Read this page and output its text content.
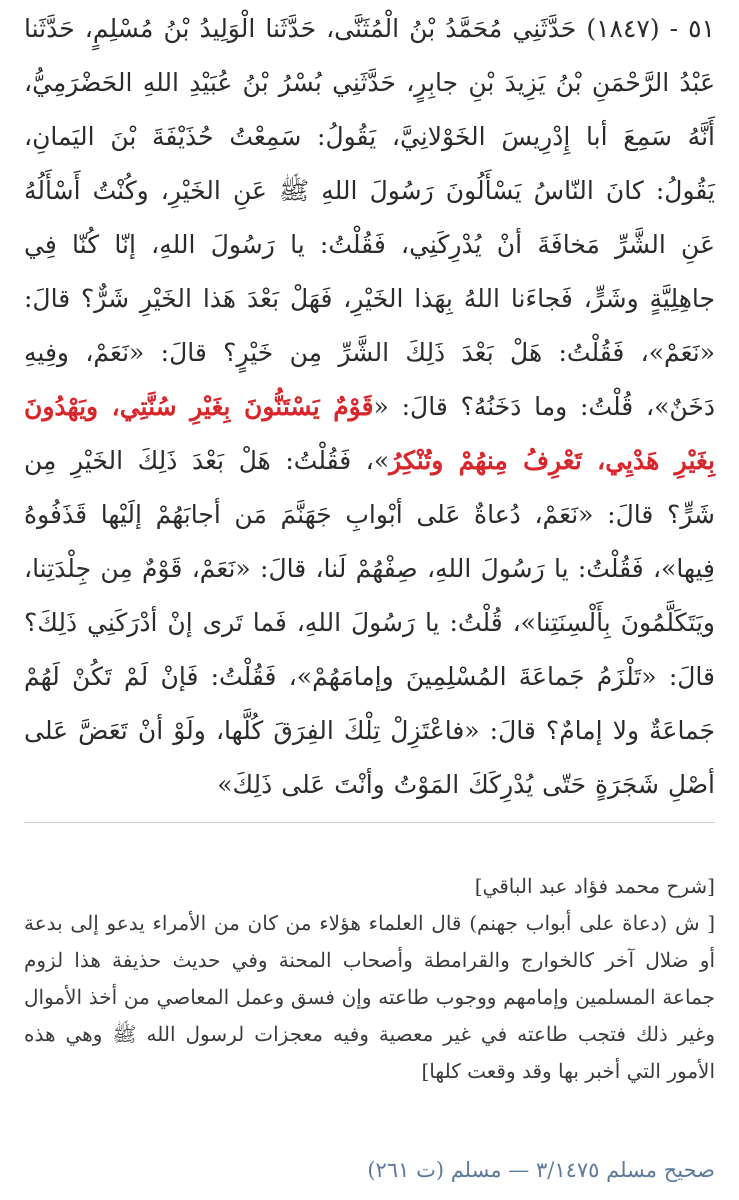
٥١ - (١٨٤٧) حَدَّثَنِي مُحَمَّدُ بْنُ الْمُثَنَّى، حَدَّثَنا الْوَلِيدُ بْنُ مُسْلِمٍ، حَدَّثَنا عَبْدُ الرَّحْمَنِ بْنُ يَزِيدَ بْنِ جابِرٍ، حَدَّثَنِي بُسْرُ بْنُ عُبَيْدِ اللهِ الحَضْرَمِيُّ، أَنَّهُ سَمِعَ أبا إِدْرِيسَ الخَوْلانِيَّ، يَقُولُ: سَمِعْتُ حُذَيْفَةَ بْنَ اليَمانِ، يَقُولُ: كانَ النّاسُ يَسْأَلُونَ رَسُولَ اللهِ ﷺ عَنِ الخَيْرِ، وكُنْتُ أَسْأَلُهُ عَنِ الشَّرِّ مَخافَةَ أنْ يُدْرِكَنِي، فَقُلْتُ: يا رَسُولَ اللهِ، إنّا كُنّا فِي جاهِلِيَّةٍ وشَرٍّ، فَجاءَنا اللهُ بِهَذا الخَيْرِ، فَهَلْ بَعْدَ هَذا الخَيْرِ شَرٌّ؟ قالَ: «نَعَمْ»، فَقُلْتُ: هَلْ بَعْدَ ذَلِكَ الشَّرِّ مِن خَيْرٍ؟ قالَ: «نَعَمْ، وفِيهِ دَخَنٌ»، قُلْتُ: وما دَخَنُهُ؟ قالَ: «قَوْمٌ يَسْتَنُّونَ بِغَيْرِ سُنَّتِي، ويَهْدُونَ بِغَيْرِ هَدْيِي، تَعْرِفُ مِنهُمْ وتُنْكِرُ»، فَقُلْتُ: هَلْ بَعْدَ ذَلِكَ الخَيْرِ مِن شَرٍّ؟ قالَ: «نَعَمْ، دُعاةٌ عَلى أبْوابِ جَهَنَّمَ مَن أجابَهُمْ إلَيْها قَذَفُوهُ فِيها»، فَقُلْتُ: يا رَسُولَ اللهِ، صِفْهُمْ لَنا، قالَ: «نَعَمْ، قَوْمٌ مِن جِلْدَتِنا، ويَتَكَلَّمُونَ بِأَلْسِنَتِنا»، قُلْتُ: يا رَسُولَ اللهِ، فَما تَرى إنْ أدْرَكَنِي ذَلِكَ؟ قالَ: «تَلْزَمُ جَماعَةَ المُسْلِمِينَ وإمامَهُمْ»، فَقُلْتُ: فَإنْ لَمْ تَكُنْ لَهُمْ جَماعَةٌ ولا إمامٌ؟ قالَ: «فاعْتَزِلْ تِلْكَ الفِرَقَ كُلَّها، ولَوْ أنْ تَعَضَّ عَلى أصْلِ شَجَرَةٍ حَتّى يُدْرِكَكَ المَوْتُ وأنْتَ عَلى ذَلِكَ»

[شرح محمد فؤاد عبد الباقي]
[ ش (دعاة على أبواب جهنم) قال العلماء هؤلاء من كان من الأمراء يدعو إلى بدعة أو ضلال آخر كالخوارج والقرامطة وأصحاب المحنة وفي حديث حذيفة هذا لزوم جماعة المسلمين وإمامهم ووجوب طاعته وإن فسق وعمل المعاصي من أخذ الأموال وغير ذلك فتجب طاعته في غير معصية وفيه معجزات لرسول الله ﷺ وهي هذه الأمور التي أخبر بها وقد وقعت كلها]

صحيح مسلم ٣/١٤٧٥ — مسلم (ت ٢٦١)
